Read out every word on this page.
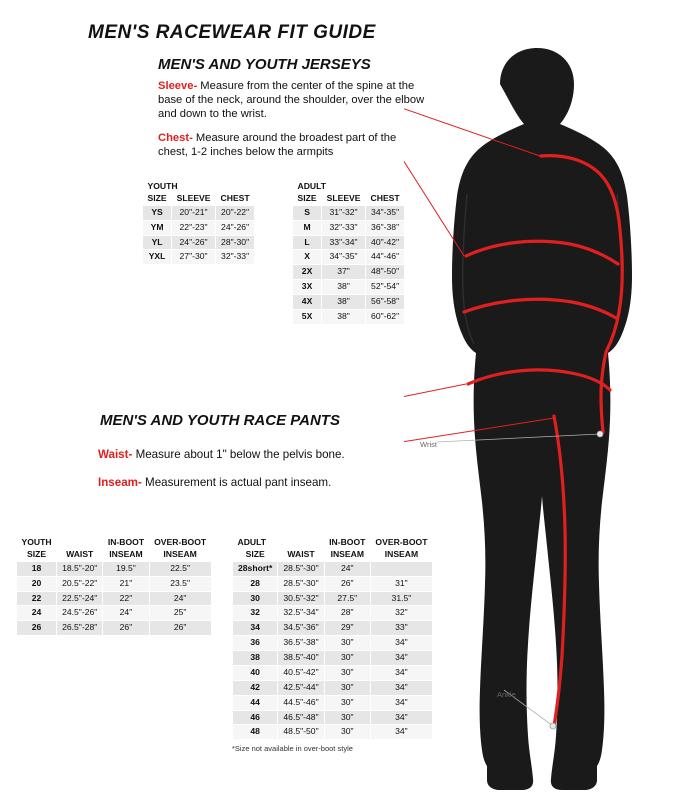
MEN'S RACEWEAR FIT GUIDE
MEN'S AND YOUTH JERSEYS
Sleeve- Measure from the center of the spine at the base of the neck, around the shoulder, over the elbow and down to the wrist.
Chest- Measure around the broadest part of the chest, 1-2 inches below the armpits
YOUTH		
SIZE	SLEEVE	CHEST
YS	20"-21"	20"-22"
YM	22"-23"	24"-26"
YL	24"-26"	28"-30"
YXL	27"-30"	32"-33"
ADULT		
SIZE	SLEEVE	CHEST
S	31"-32"	34"-35"
M	32"-33"	36"-38"
L	33"-34"	40"-42"
X	34"-35"	44"-46"
2X	37"	48"-50"
3X	38"	52"-54"
4X	38"	56"-58"
5X	38"	60"-62"
MEN'S AND YOUTH RACE PANTS
Waist- Measure about 1" below the pelvis bone.
Inseam- Measurement is actual pant inseam.
YOUTH		IN-BOOT	OVER-BOOT
SIZE	WAIST	INSEAM	INSEAM
18	18.5"-20"	19.5"	22.5"
20	20.5"-22"	21"	23.5"
22	22.5"-24"	22"	24"
24	24.5"-26"	24"	25"
26	26.5"-28"	26"	26"
ADULT		IN-BOOT	OVER-BOOT
SIZE	WAIST	INSEAM	INSEAM
28short*	28.5"-30"	24"	
28	28.5"-30"	26"	31"
30	30.5"-32"	27.5"	31.5"
32	32.5"-34"	28"	32"
34	34.5"-36"	29"	33"
36	36.5"-38"	30"	34"
38	38.5"-40"	30"	34"
40	40.5"-42"	30"	34"
42	42.5"-44"	30"	34"
44	44.5"-46"	30"	34"
46	46.5"-48"	30"	34"
48	48.5"-50"	30"	34"
*Size not available in over-boot style
Wrist
Ankle
